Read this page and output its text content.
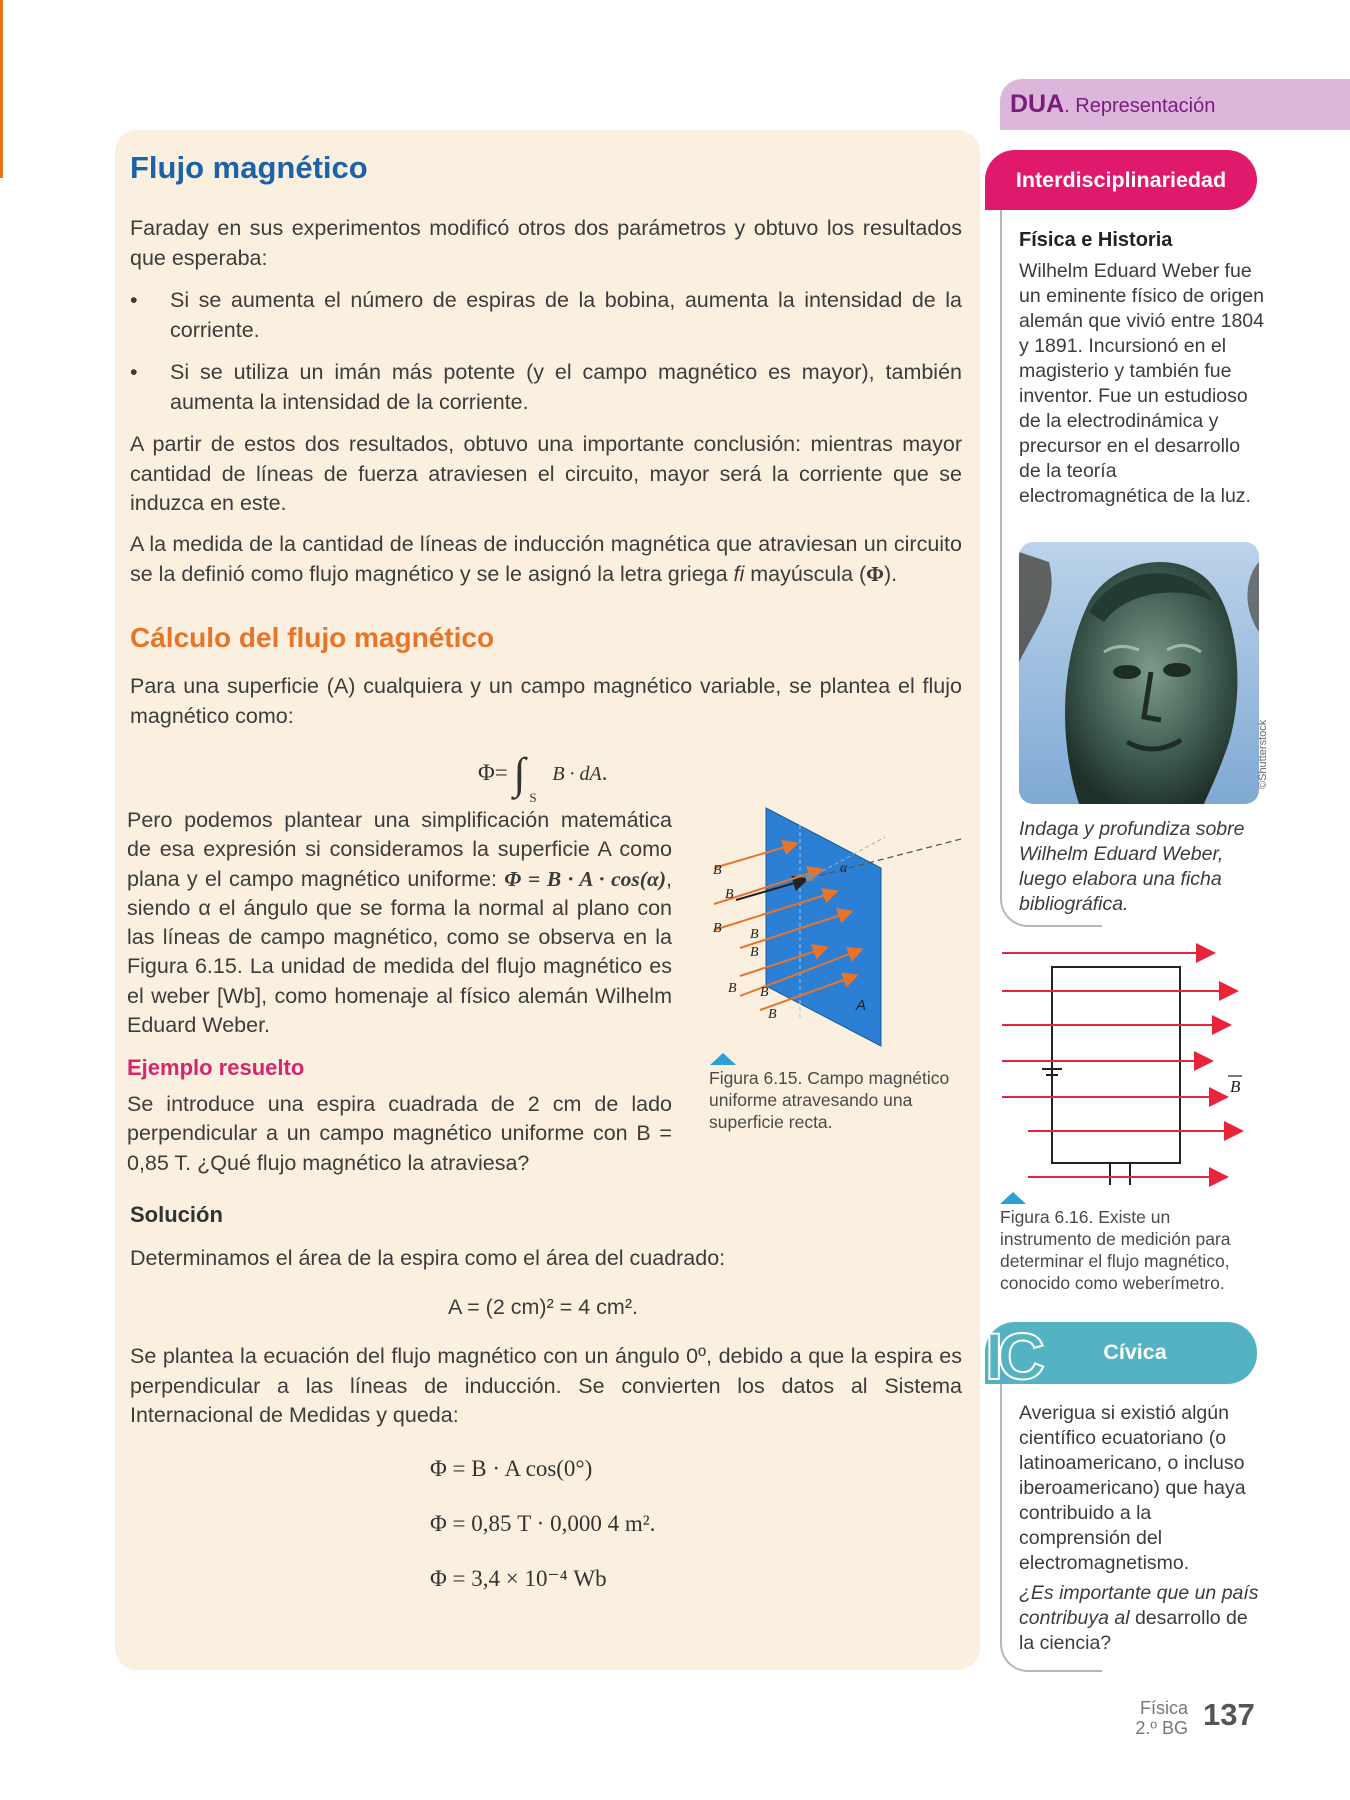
Flujo magnético

Faraday en sus experimentos modificó otros dos parámetros y obtuvo los resultados que esperaba:

• Si se aumenta el número de espiras de la bobina, aumenta la intensidad de la corriente.
• Si se utiliza un imán más potente (y el campo magnético es mayor), también aumenta la intensidad de la corriente.

A partir de estos dos resultados, obtuvo una importante conclusión: mientras mayor cantidad de líneas de fuerza atraviesen el circuito, mayor será la corriente que se induzca en este.

A la medida de la cantidad de líneas de inducción magnética que atraviesan un circuito se la definió como flujo magnético y se le asignó la letra griega fi mayúscula (Φ).

Cálculo del flujo magnético

Para una superficie (A) cualquiera y un campo magnético variable, se plantea el flujo magnético como:

Φ= ∫ $_S$ B · dA.

Pero podemos plantear una simplificación matemática de esa expresión si consideramos la superficie A como plana y el campo magnético uniforme: Φ = B · A · cos(α), siendo α el ángulo que se forma la normal al plano con las líneas de campo magnético, como se observa en la Figura 6.15. La unidad de medida del flujo magnético es el weber [Wb], como homenaje al físico alemán Wilhelm Eduard Weber.

α
B
B
B B
B
B B
B
A

Figura 6.15. Campo magnético uniforme atravesando una superficie recta.

Ejemplo resuelto

Se introduce una espira cuadrada de 2 cm de lado perpendicular a un campo magnético uniforme con B = 0,85 T. ¿Qué flujo magnético la atraviesa?

Solución

Determinamos el área de la espira como el área del cuadrado:

A = (2 cm)² = 4 cm².

Se plantea la ecuación del flujo magnético con un ángulo 0º, debido a que la espira es perpendicular a las líneas de inducción. Se convierten los datos al Sistema Internacional de Medidas y queda:

Φ = B · A cos(0°)
Φ = 0,85 T · 0,000 4 m².
Φ = 3,4 × 10⁻⁴ Wb

DUA. Representación

Interdisciplinariedad

Física e Historia

Wilhelm Eduard Weber fue un eminente físico de origen alemán que vivió entre 1804 y 1891. Incursionó en el magisterio y también fue inventor. Fue un estudioso de la electrodinámica y precursor en el desarrollo de la teoría electromagnética de la luz.

©Shutterstock

Indaga y profundiza sobre Wilhelm Eduard Weber, luego elabora una ficha bibliográfica.

B

Figura 6.16. Existe un instrumento de medición para determinar el flujo magnético, conocido como weberímetro.

IC	Cívica

Averigua si existió algún científico ecuatoriano (o latinoamericano, o incluso iberoamericano) que haya contribuido a la comprensión del electromagnetismo.

¿Es importante que un país contribuya al desarrollo de la ciencia?

Física

2.º BG 137
